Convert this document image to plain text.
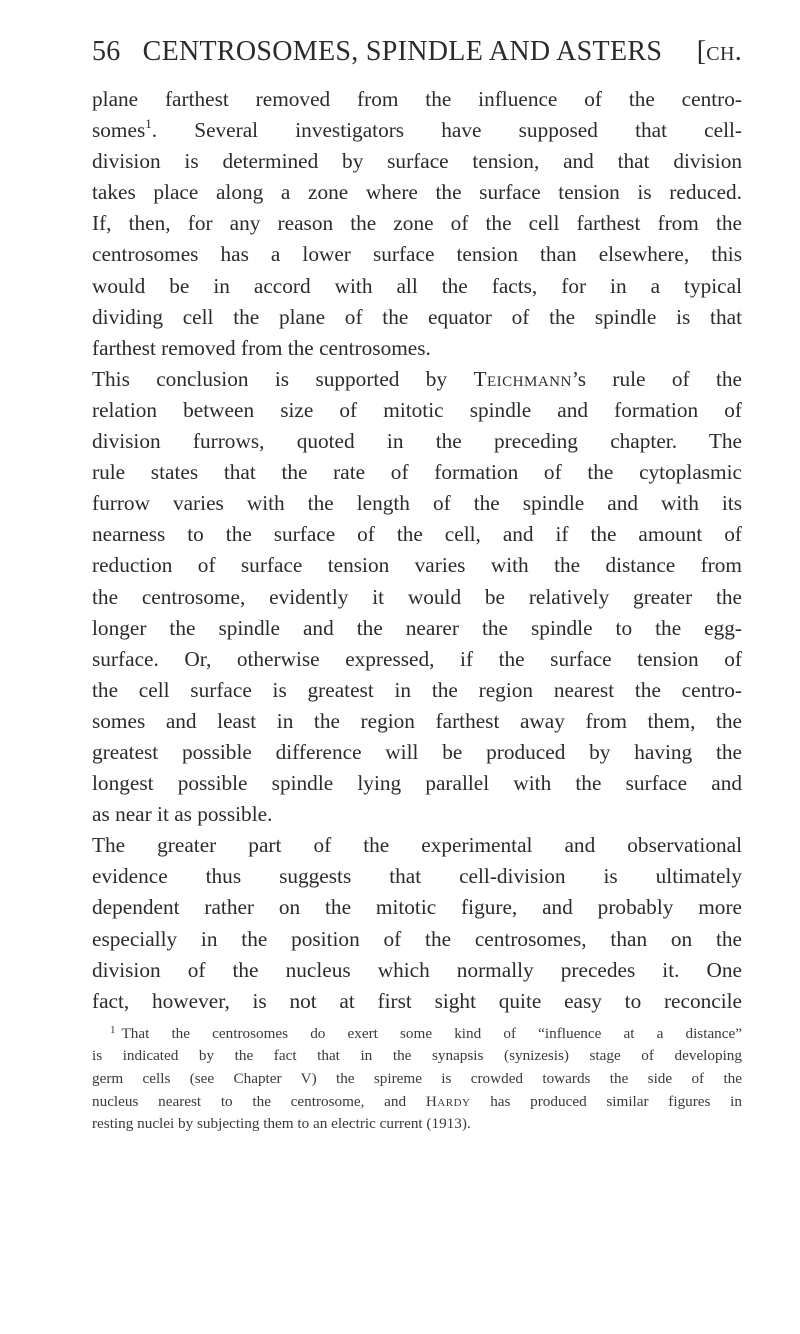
56 CENTROSOMES, SPINDLE AND ASTERS	[ch.
plane farthest removed from the influence of the centro-
somes$^1$. Several investigators have supposed that cell-
division is determined by surface tension, and that division
takes place along a zone where the surface tension is reduced.
If, then, for any reason the zone of the cell farthest from the
centrosomes has a lower surface tension than elsewhere, this
would be in accord with all the facts, for in a typical
dividing cell the plane of the equator of the spindle is that
farthest removed from the centrosomes.
This conclusion is supported by Teichmann’s rule of the
relation between size of mitotic spindle and formation of
division furrows, quoted in the preceding chapter. The
rule states that the rate of formation of the cytoplasmic
furrow varies with the length of the spindle and with its
nearness to the surface of the cell, and if the amount of
reduction of surface tension varies with the distance from
the centrosome, evidently it would be relatively greater the
longer the spindle and the nearer the spindle to the egg-
surface. Or, otherwise expressed, if the surface tension of
the cell surface is greatest in the region nearest the centro-
somes and least in the region farthest away from them, the
greatest possible difference will be produced by having the
longest possible spindle lying parallel with the surface and
as near it as possible.
The greater part of the experimental and observational
evidence thus suggests that cell-division is ultimately
dependent rather on the mitotic figure, and probably more
especially in the position of the centrosomes, than on the
division of the nucleus which normally precedes it. One
fact, however, is not at first sight quite easy to reconcile
$^1$ That the centrosomes do exert some kind of “influence at a distance”
is indicated by the fact that in the synapsis (synizesis) stage of developing
germ cells (see Chapter V) the spireme is crowded towards the side of the
nucleus nearest to the centrosome, and Hardy has produced similar figures in
resting nuclei by subjecting them to an electric current (1913).
